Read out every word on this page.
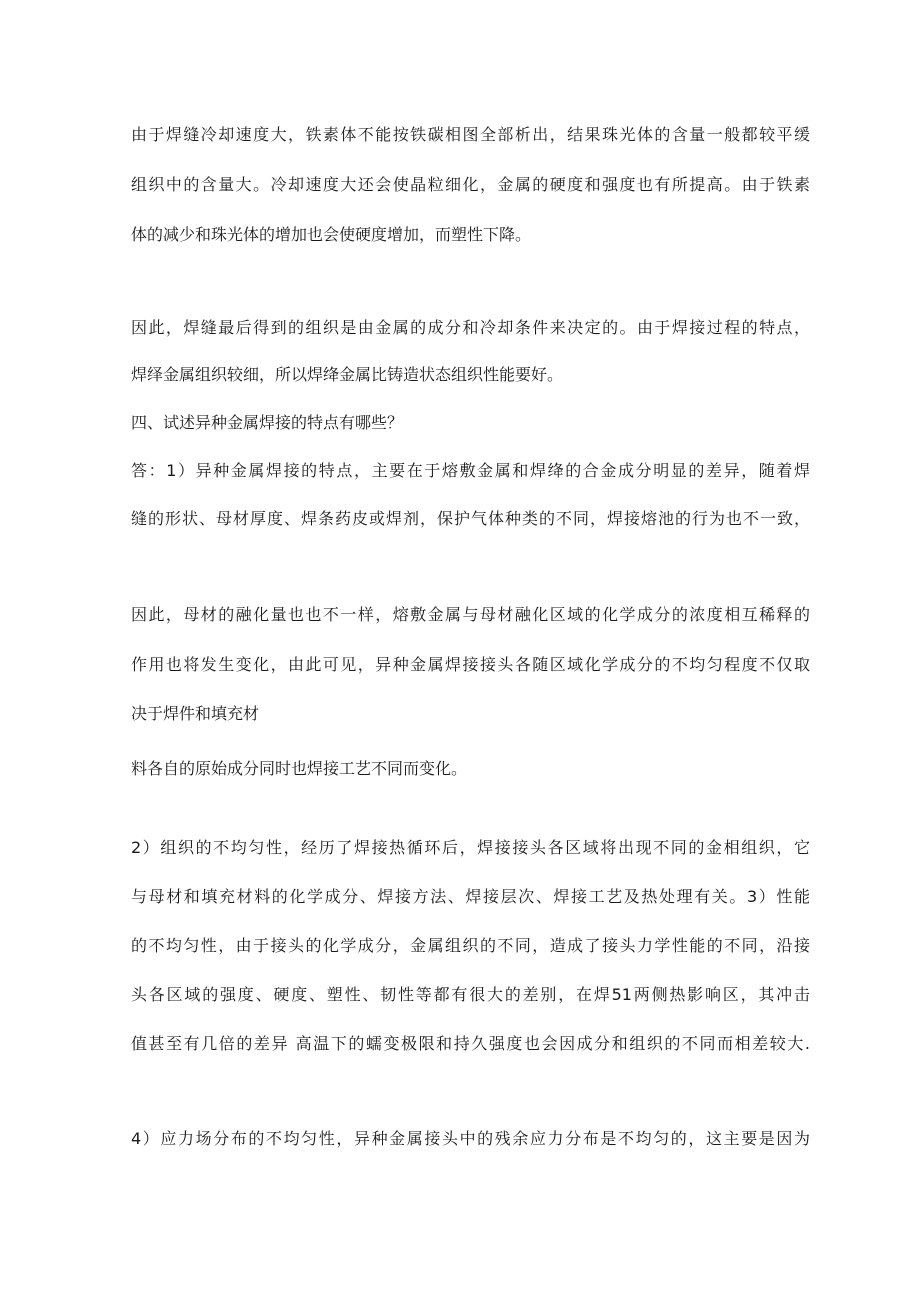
由于焊缝冷却速度大，铁素体不能按铁碳相图全部析出，结果珠光体的含量一般都较平缓
组织中的含量大。冷却速度大还会使晶粒细化，金属的硬度和强度也有所提高。由于铁素
体的减少和珠光体的增加也会使硬度增加，而塑性下降。
因此，焊缝最后得到的组织是由金属的成分和冷却条件来决定的。由于焊接过程的特点，
焊绎金属组织较细，所以焊绛金属比铸造状态组织性能要好。
四、试述异种金属焊接的特点有哪些？
答：1）异种金属焊接的特点，主要在于熔敷金属和焊绛的合金成分明显的差异，随着焊
缝的形状、母材厚度、焊条药皮或焊剂，保护气体种类的不同，焊接熔池的行为也不一致，
因此，母材的融化量也也不一样，熔敷金属与母材融化区域的化学成分的浓度相互稀释的
作用也将发生变化，由此可见，异种金属焊接接头各随区域化学成分的不均匀程度不仅取
决于焊件和填充材
料各自的原始成分同时也焊接工艺不同而变化。
2）组织的不均匀性，经历了焊接热循环后，焊接接头各区域将出现不同的金相组织，它
与母材和填充材料的化学成分、焊接方法、焊接层次、焊接工艺及热处理有关。3）性能
的不均匀性，由于接头的化学成分，金属组织的不同，造成了接头力学性能的不同，沿接
头各区域的强度、硬度、塑性、韧性等都有很大的差别，在焊51两侧热影响区，其冲击
值甚至有几倍的差异 高温下的蠕变极限和持久强度也会因成分和组织的不同而相差较大.
4）应力场分布的不均匀性，异种金属接头中的残余应力分布是不均匀的，这主要是因为
